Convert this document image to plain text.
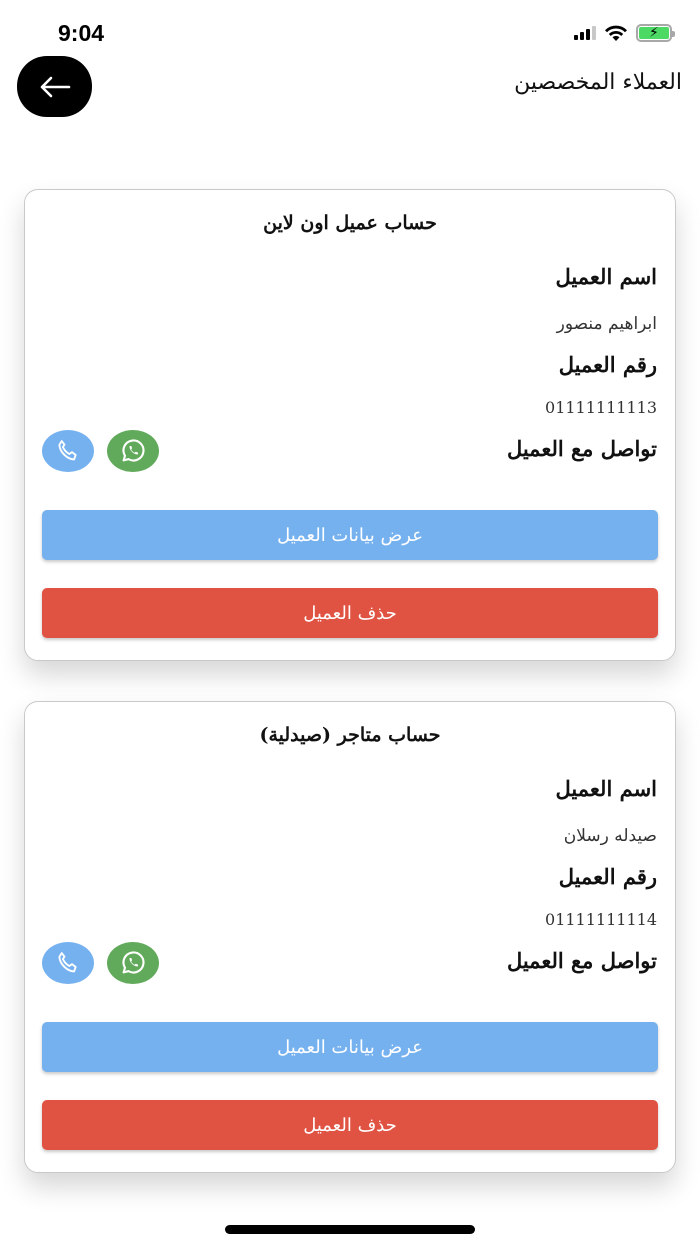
9:04	⚡
العملاء المخصصين
حساب عميل اون لاين
اسم العميل
ابراهيم منصور
رقم العميل
01111111113
تواصل مع العميل
عرض بيانات العميل
حذف العميل
حساب متاجر (صيدلية)
اسم العميل
صيدله رسلان
رقم العميل
01111111114
تواصل مع العميل
عرض بيانات العميل
حذف العميل
